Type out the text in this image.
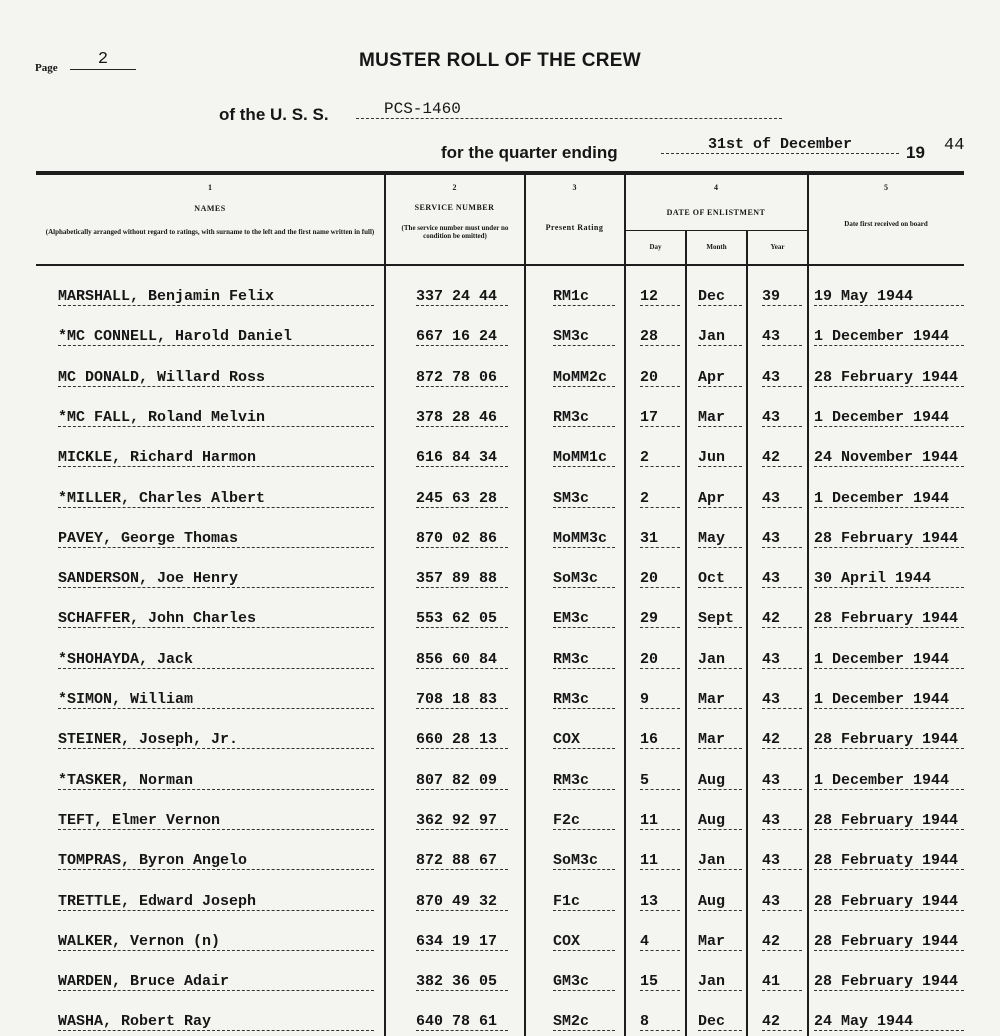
Page	2	MUSTER ROLL OF THE CREW
of the U. S. S.	PCS-1460
for the quarter ending	31st of December	19 44
1
NAMES
(Alphabetically arranged without regard to ratings, with surname to the left and the first name written in full)
2
SERVICE NUMBER
(The service number must under no condition be omitted)
3
Present Rating
4
DATE OF ENLISTMENT
Day	Month	Year
5
Date first received on board
MARSHALL, Benjamin Felix	337 24 44	RM1c	12	Dec	39	19 May 1944
*MC CONNELL, Harold Daniel	667 16 24	SM3c	28	Jan	43	1 December 1944
MC DONALD, Willard Ross	872 78 06	MoMM2c	20	Apr	43	28 February 1944
*MC FALL, Roland Melvin	378 28 46	RM3c	17	Mar	43	1 December 1944
MICKLE, Richard Harmon	616 84 34	MoMM1c	2	Jun	42	24 November 1944
*MILLER, Charles Albert	245 63 28	SM3c	2	Apr	43	1 December 1944
PAVEY, George Thomas	870 02 86	MoMM3c	31	May	43	28 February 1944
SANDERSON, Joe Henry	357 89 88	SoM3c	20	Oct	43	30 April 1944
SCHAFFER, John Charles	553 62 05	EM3c	29	Sept	42	28 February 1944
*SHOHAYDA, Jack	856 60 84	RM3c	20	Jan	43	1 December 1944
*SIMON, William	708 18 83	RM3c	9	Mar	43	1 December 1944
STEINER, Joseph, Jr.	660 28 13	COX	16	Mar	42	28 February 1944
*TASKER, Norman	807 82 09	RM3c	5	Aug	43	1 December 1944
TEFT, Elmer Vernon	362 92 97	F2c	11	Aug	43	28 February 1944
TOMPRAS, Byron Angelo	872 88 67	SoM3c	11	Jan	43	28 Februaty 1944
TRETTLE, Edward Joseph	870 49 32	F1c	13	Aug	43	28 February 1944
WALKER, Vernon (n)	634 19 17	COX	4	Mar	42	28 February 1944
WARDEN, Bruce Adair	382 36 05	GM3c	15	Jan	41	28 February 1944
WASHA, Robert Ray	640 78 61	SM2c	8	Dec	42	24 May 1944
